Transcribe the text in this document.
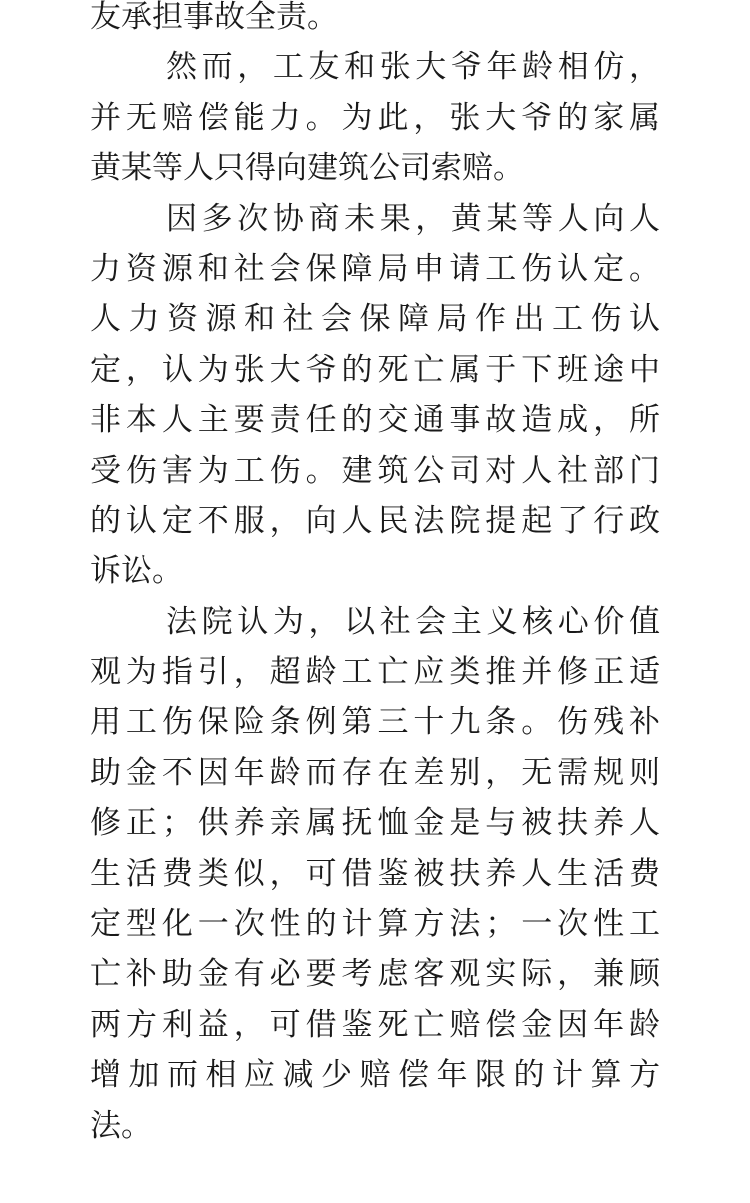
友承担事故全责。

然而，工友和张大爷年龄相仿，
并无赔偿能力。为此，张大爷的家属
黄某等人只得向建筑公司索赔。

因多次协商未果，黄某等人向人
力资源和社会保障局申请工伤认定。
人力资源和社会保障局作出工伤认
定，认为张大爷的死亡属于下班途中
非本人主要责任的交通事故造成，所
受伤害为工伤。建筑公司对人社部门
的认定不服，向人民法院提起了行政
诉讼。

法院认为，以社会主义核心价值
观为指引，超龄工亡应类推并修正适
用工伤保险条例第三十九条。伤残补
助金不因年龄而存在差别，无需规则
修正；供养亲属抚恤金是与被扶养人
生活费类似，可借鉴被扶养人生活费
定型化一次性的计算方法；一次性工
亡补助金有必要考虑客观实际，兼顾
两方利益，可借鉴死亡赔偿金因年龄
增加而相应减少赔偿年限的计算方
法。
